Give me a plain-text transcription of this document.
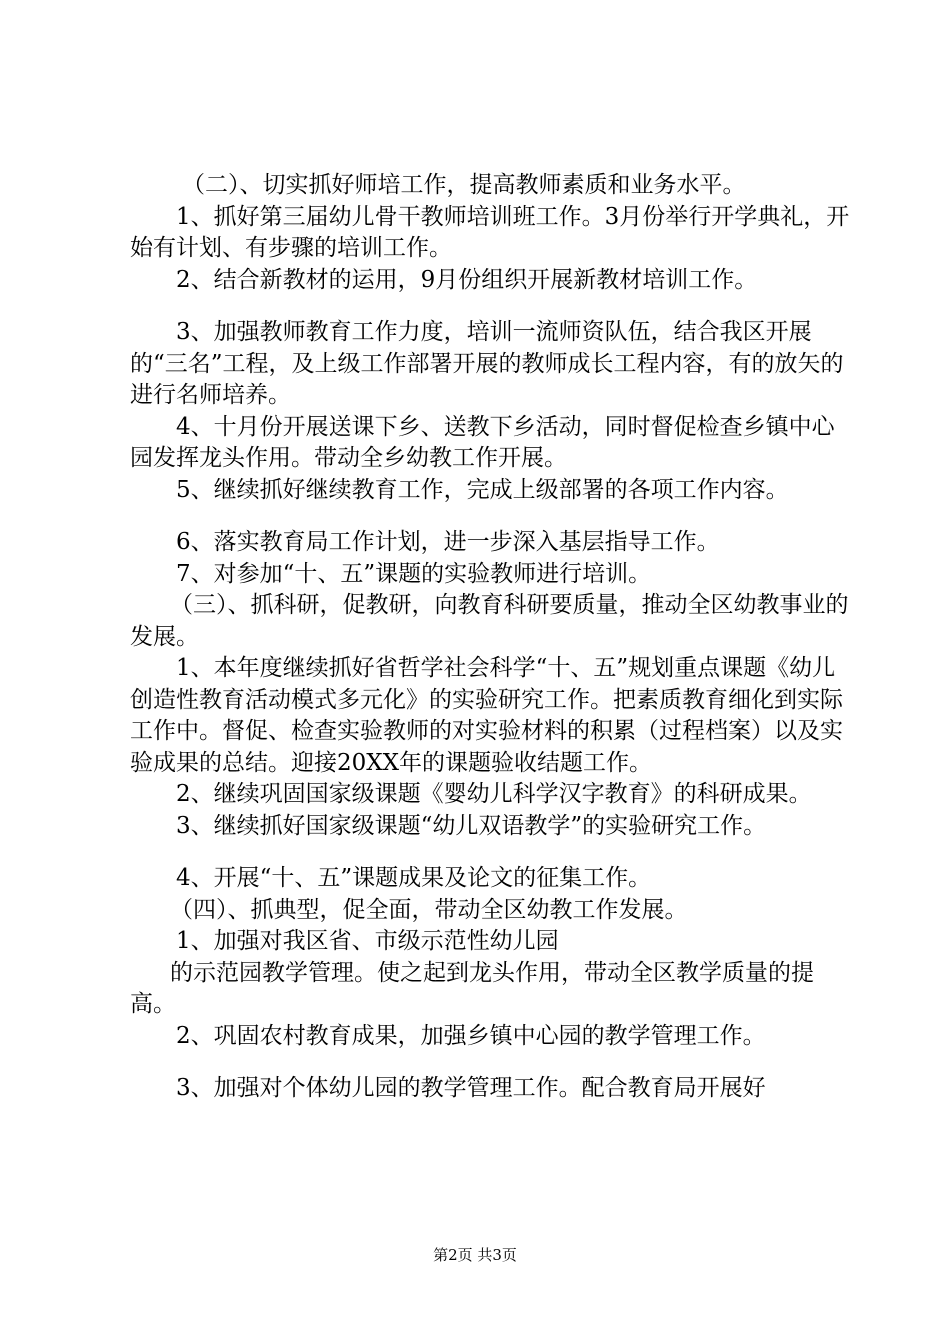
（二）、切实抓好师培工作，提高教师素质和业务水平。

1、抓好第三届幼儿骨干教师培训班工作。3月份举行开学典礼，开始有计划、有步骤的培训工作。

2、结合新教材的运用，9月份组织开展新教材培训工作。

3、加强教师教育工作力度，培训一流师资队伍，结合我区开展的“三名”工程，及上级工作部署开展的教师成长工程内容，有的放矢的进行名师培养。

4、十月份开展送课下乡、送教下乡活动，同时督促检查乡镇中心园发挥龙头作用。带动全乡幼教工作开展。

5、继续抓好继续教育工作，完成上级部署的各项工作内容。

6、落实教育局工作计划，进一步深入基层指导工作。

7、对参加“十、五”课题的实验教师进行培训。

（三）、抓科研，促教研，向教育科研要质量，推动全区幼教事业的发展。

1、本年度继续抓好省哲学社会科学“十、五”规划重点课题《幼儿创造性教育活动模式多元化》的实验研究工作。把素质教育细化到实际工作中。督促、检查实验教师的对实验材料的积累（过程档案）以及实验成果的总结。迎接20XX年的课题验收结题工作。

2、继续巩固国家级课题《婴幼儿科学汉字教育》的科研成果。

3、继续抓好国家级课题“幼儿双语教学”的实验研究工作。

4、开展“十、五”课题成果及论文的征集工作。

（四）、抓典型，促全面，带动全区幼教工作发展。

1、加强对我区省、市级示范性幼儿园

的示范园教学管理。使之起到龙头作用，带动全区教学质量的提高。

2、巩固农村教育成果，加强乡镇中心园的教学管理工作。

3、加强对个体幼儿园的教学管理工作。配合教育局开展好

第2页 共3页
